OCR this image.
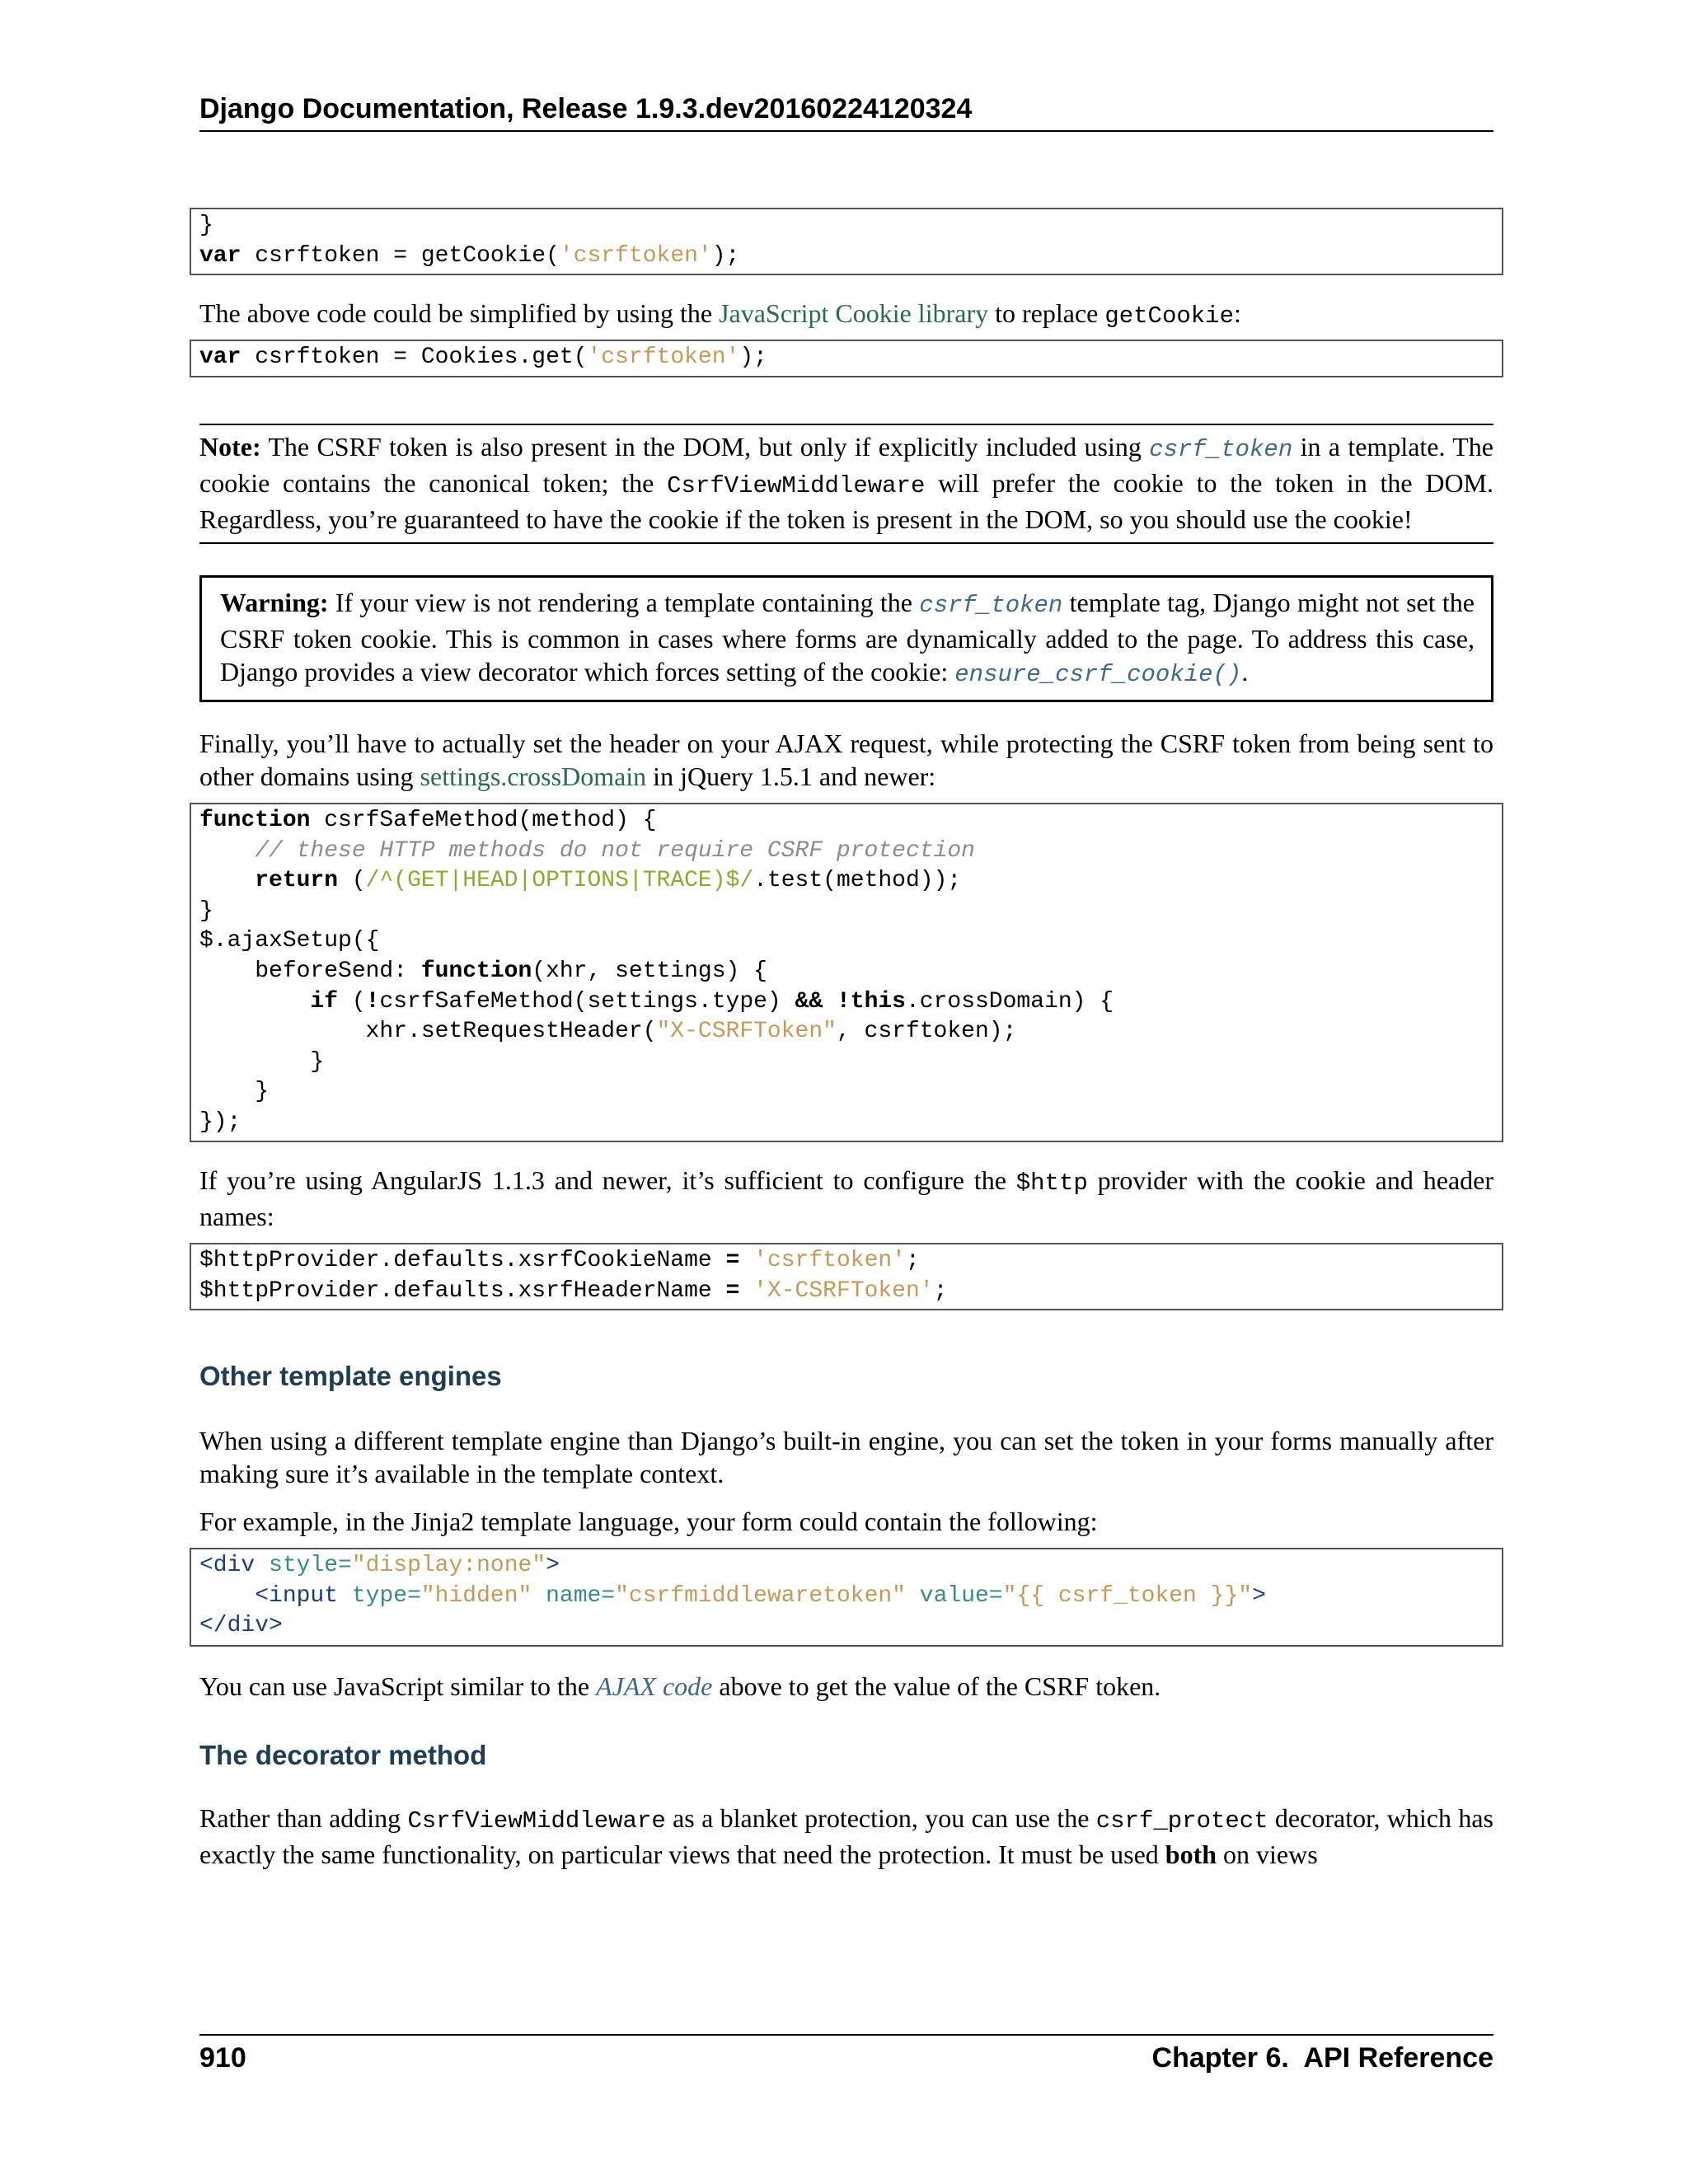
Django Documentation, Release 1.9.3.dev20160224120324
}
var csrftoken = getCookie('csrftoken');
The above code could be simplified by using the JavaScript Cookie library to replace getCookie:
var csrftoken = Cookies.get('csrftoken');
Note: The CSRF token is also present in the DOM, but only if explicitly included using csrf_token in a template. The cookie contains the canonical token; the CsrfViewMiddleware will prefer the cookie to the token in the DOM. Regardless, you’re guaranteed to have the cookie if the token is present in the DOM, so you should use the cookie!
Warning: If your view is not rendering a template containing the csrf_token template tag, Django might not set the CSRF token cookie. This is common in cases where forms are dynamically added to the page. To address this case, Django provides a view decorator which forces setting of the cookie: ensure_csrf_cookie().
Finally, you’ll have to actually set the header on your AJAX request, while protecting the CSRF token from being sent to other domains using settings.crossDomain in jQuery 1.5.1 and newer:
function csrfSafeMethod(method) {
// these HTTP methods do not require CSRF protection
return (/^(GET|HEAD|OPTIONS|TRACE)$/.test(method));
}
$.ajaxSetup({
beforeSend: function(xhr, settings) {
if (!csrfSafeMethod(settings.type) && !this.crossDomain) {
xhr.setRequestHeader("X-CSRFToken", csrftoken);
}
}
});
If you’re using AngularJS 1.1.3 and newer, it’s sufficient to configure the $http provider with the cookie and header names:
$httpProvider.defaults.xsrfCookieName = 'csrftoken';
$httpProvider.defaults.xsrfHeaderName = 'X-CSRFToken';
Other template engines
When using a different template engine than Django’s built-in engine, you can set the token in your forms manually after making sure it’s available in the template context.
For example, in the Jinja2 template language, your form could contain the following:
<div style="display:none">
<input type="hidden" name="csrfmiddlewaretoken" value="{{ csrf_token }}">
</div>
You can use JavaScript similar to the AJAX code above to get the value of the CSRF token.
The decorator method
Rather than adding CsrfViewMiddleware as a blanket protection, you can use the csrf_protect decorator, which has exactly the same functionality, on particular views that need the protection. It must be used both on views
910	Chapter 6.  API Reference
